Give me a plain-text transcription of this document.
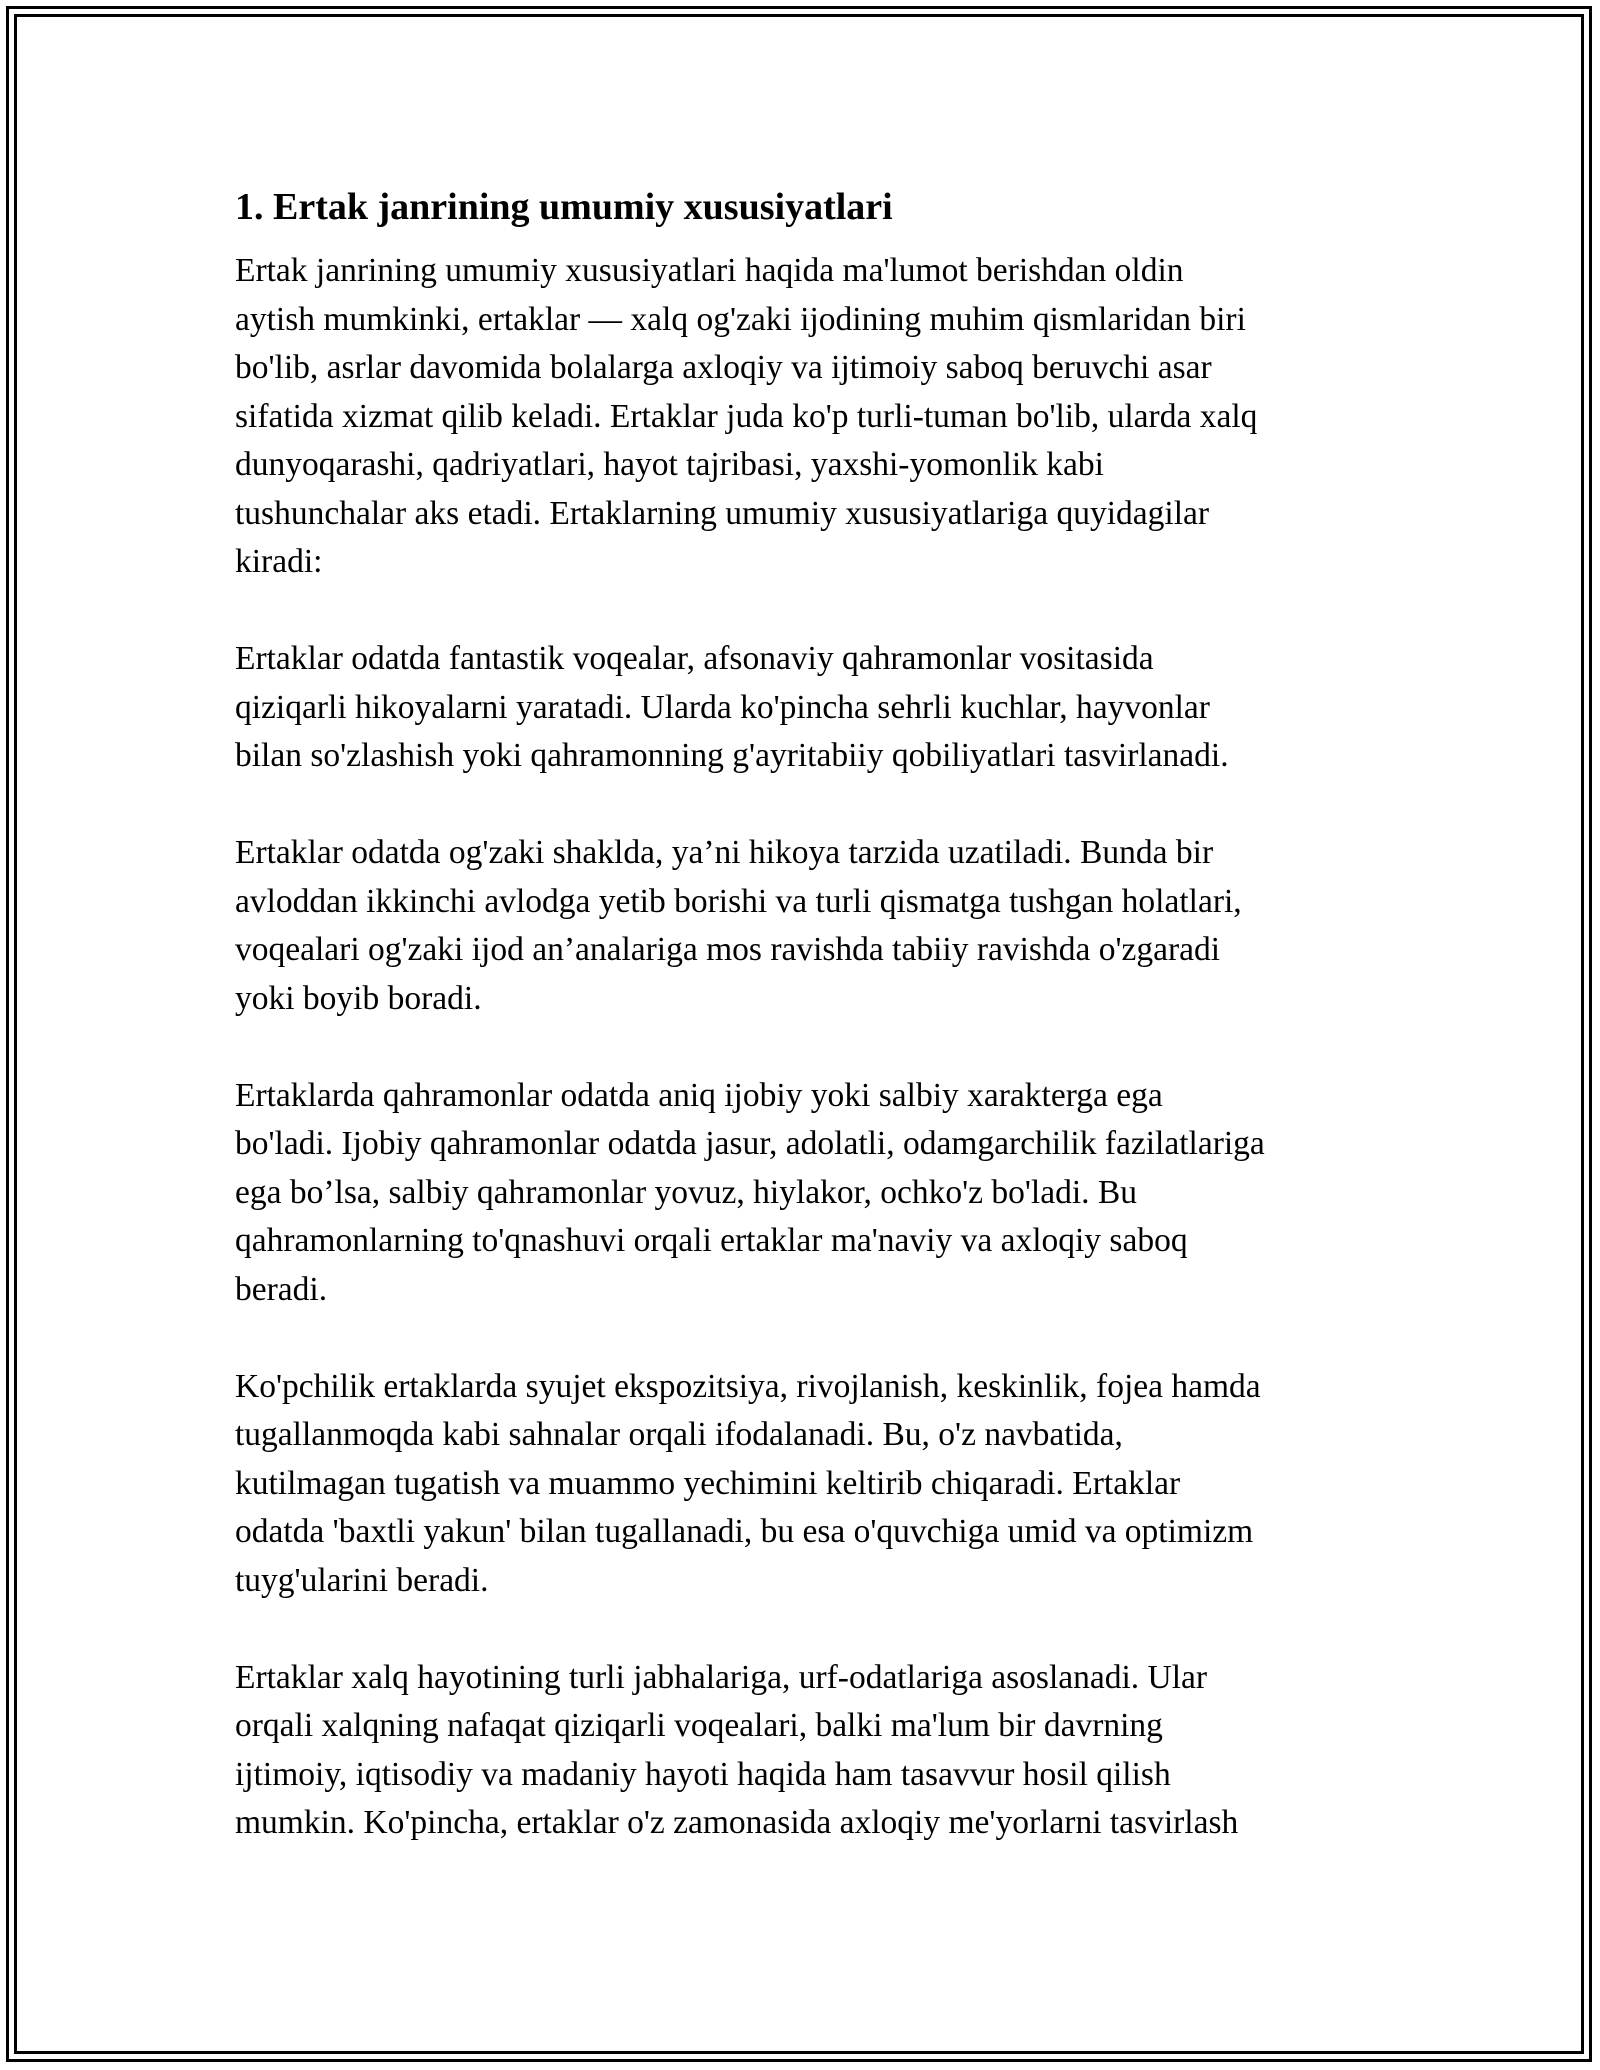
1. Ertak janrining umumiy xususiyatlari

Ertak janrining umumiy xususiyatlari haqida ma'lumot berishdan oldin
aytish mumkinki, ertaklar — xalq og'zaki ijodining muhim qismlaridan biri
bo'lib, asrlar davomida bolalarga axloqiy va ijtimoiy saboq beruvchi asar
sifatida xizmat qilib keladi. Ertaklar juda ko'p turli-tuman bo'lib, ularda xalq
dunyoqarashi, qadriyatlari, hayot tajribasi, yaxshi-yomonlik kabi
tushunchalar aks etadi. Ertaklarning umumiy xususiyatlariga quyidagilar
kiradi:

Ertaklar odatda fantastik voqealar, afsonaviy qahramonlar vositasida
qiziqarli hikoyalarni yaratadi. Ularda ko'pincha sehrli kuchlar, hayvonlar
bilan so'zlashish yoki qahramonning g'ayritabiiy qobiliyatlari tasvirlanadi.

Ertaklar odatda og'zaki shaklda, ya’ni hikoya tarzida uzatiladi. Bunda bir
avloddan ikkinchi avlodga yetib borishi va turli qismatga tushgan holatlari,
voqealari og'zaki ijod an’analariga mos ravishda tabiiy ravishda o'zgaradi
yoki boyib boradi.

Ertaklarda qahramonlar odatda aniq ijobiy yoki salbiy xarakterga ega
bo'ladi. Ijobiy qahramonlar odatda jasur, adolatli, odamgarchilik fazilatlariga
ega bo’lsa, salbiy qahramonlar yovuz, hiylakor, ochko'z bo'ladi. Bu
qahramonlarning to'qnashuvi orqali ertaklar ma'naviy va axloqiy saboq
beradi.

Ko'pchilik ertaklarda syujet ekspozitsiya, rivojlanish, keskinlik, fojea hamda
tugallanmoqda kabi sahnalar orqali ifodalanadi. Bu, o'z navbatida,
kutilmagan tugatish va muammo yechimini keltirib chiqaradi. Ertaklar
odatda 'baxtli yakun' bilan tugallanadi, bu esa o'quvchiga umid va optimizm
tuyg'ularini beradi.

Ertaklar xalq hayotining turli jabhalariga, urf-odatlariga asoslanadi. Ular
orqali xalqning nafaqat qiziqarli voqealari, balki ma'lum bir davrning
ijtimoiy, iqtisodiy va madaniy hayoti haqida ham tasavvur hosil qilish
mumkin. Ko'pincha, ertaklar o'z zamonasida axloqiy me'yorlarni tasvirlash
